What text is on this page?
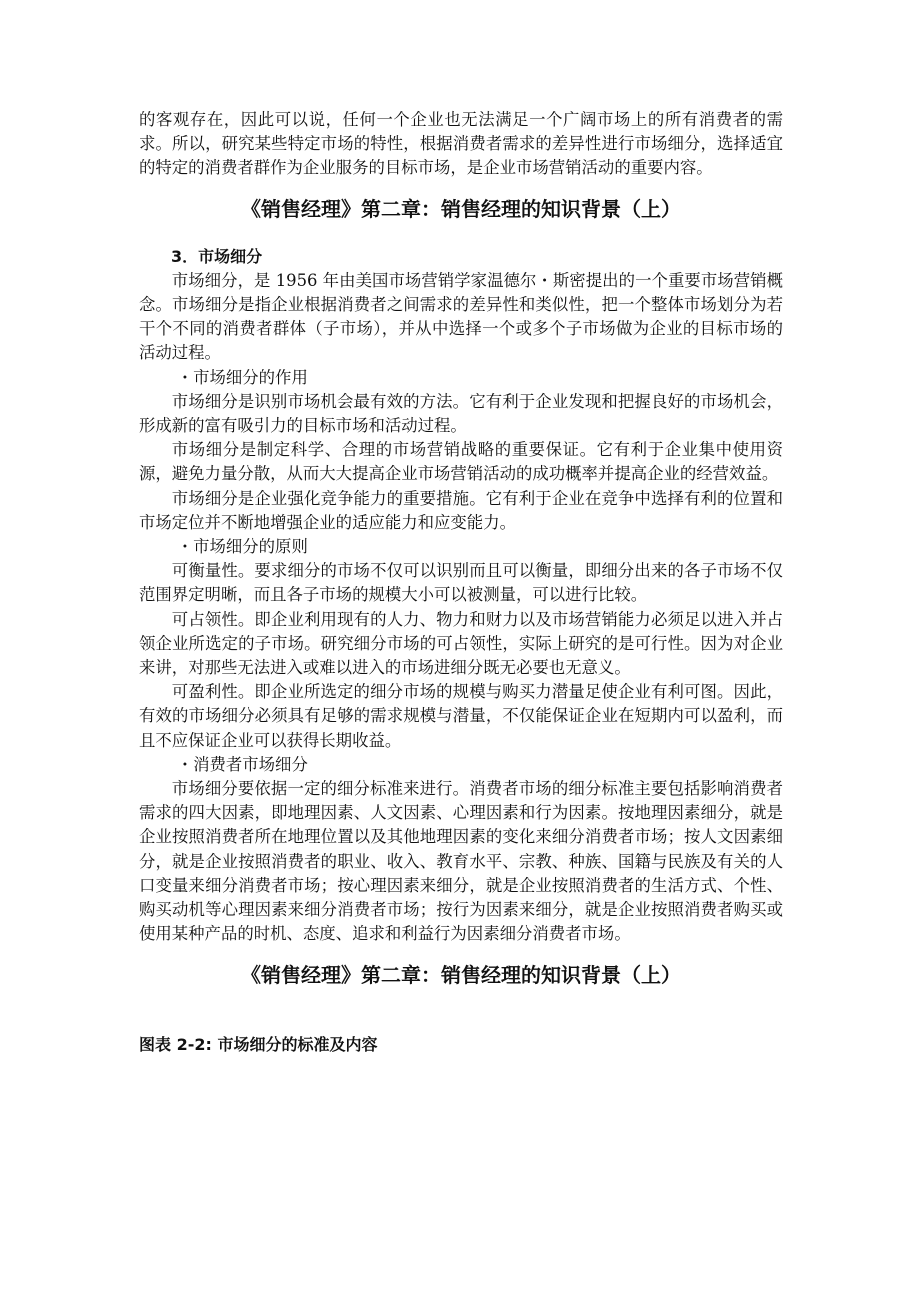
的客观存在，因此可以说，任何一个企业也无法满足一个广阔市场上的所有消费者的需求。所以，研究某些特定市场的特性，根据消费者需求的差异性进行市场细分，选择适宜的特定的消费者群作为企业服务的目标市场，是企业市场营销活动的重要内容。

《销售经理》第二章：销售经理的知识背景（上）

3．市场细分

市场细分，是 1956 年由美国市场营销学家温德尔・斯密提出的一个重要市场营销概念。市场细分是指企业根据消费者之间需求的差异性和类似性，把一个整体市场划分为若干个不同的消费者群体（子市场），并从中选择一个或多个子市场做为企业的目标市场的活动过程。

・市场细分的作用

市场细分是识别市场机会最有效的方法。它有利于企业发现和把握良好的市场机会，形成新的富有吸引力的目标市场和活动过程。

市场细分是制定科学、合理的市场营销战略的重要保证。它有利于企业集中使用资源，避免力量分散，从而大大提高企业市场营销活动的成功概率并提高企业的经营效益。

市场细分是企业强化竞争能力的重要措施。它有利于企业在竞争中选择有利的位置和市场定位并不断地增强企业的适应能力和应变能力。

・市场细分的原则

可衡量性。要求细分的市场不仅可以识别而且可以衡量，即细分出来的各子市场不仅范围界定明晰，而且各子市场的规模大小可以被测量，可以进行比较。

可占领性。即企业利用现有的人力、物力和财力以及市场营销能力必须足以进入并占领企业所选定的子市场。研究细分市场的可占领性，实际上研究的是可行性。因为对企业来讲，对那些无法进入或难以进入的市场进细分既无必要也无意义。

可盈利性。即企业所选定的细分市场的规模与购买力潜量足使企业有利可图。因此，有效的市场细分必须具有足够的需求规模与潜量，不仅能保证企业在短期内可以盈利，而且不应保证企业可以获得长期收益。

・消费者市场细分

市场细分要依据一定的细分标准来进行。消费者市场的细分标准主要包括影响消费者需求的四大因素，即地理因素、人文因素、心理因素和行为因素。按地理因素细分，就是企业按照消费者所在地理位置以及其他地理因素的变化来细分消费者市场；按人文因素细分，就是企业按照消费者的职业、收入、教育水平、宗教、种族、国籍与民族及有关的人口变量来细分消费者市场；按心理因素来细分，就是企业按照消费者的生活方式、个性、购买动机等心理因素来细分消费者市场；按行为因素来细分，就是企业按照消费者购买或使用某种产品的时机、态度、追求和利益行为因素细分消费者市场。

《销售经理》第二章：销售经理的知识背景（上）

图表 2-2: 市场细分的标准及内容
